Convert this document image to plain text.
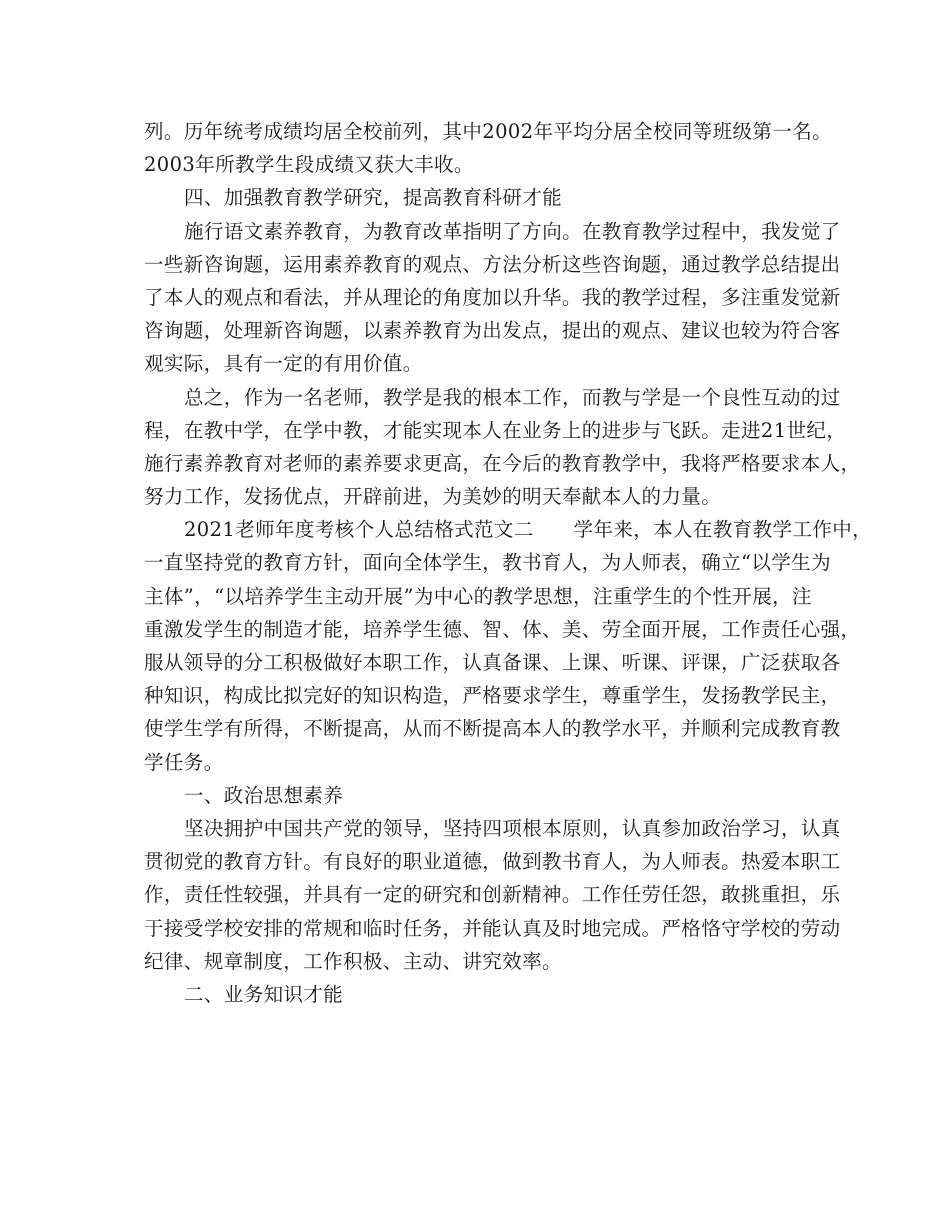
列。历年统考成绩均居全校前列，其中2002年平均分居全校同等班级第一名。
2003年所教学生段成绩又获大丰收。
四、加强教育教学研究，提高教育科研才能
施行语文素养教育，为教育改革指明了方向。在教育教学过程中，我发觉了
一些新咨询题，运用素养教育的观点、方法分析这些咨询题，通过教学总结提出
了本人的观点和看法，并从理论的角度加以升华。我的教学过程，多注重发觉新
咨询题，处理新咨询题，以素养教育为出发点，提出的观点、建议也较为符合客
观实际，具有一定的有用价值。
总之，作为一名老师，教学是我的根本工作，而教与学是一个良性互动的过
程，在教中学，在学中教，才能实现本人在业务上的进步与飞跃。走进21世纪，
施行素养教育对老师的素养要求更高，在今后的教育教学中，我将严格要求本人，
努力工作，发扬优点，开辟前进，为美妙的明天奉献本人的力量。
2021老师年度考核个人总结格式范文二　　学年来，本人在教育教学工作中，
一直坚持党的教育方针，面向全体学生，教书育人，为人师表，确立“以学生为
主体”，“以培养学生主动开展”为中心的教学思想，注重学生的个性开展，注
重激发学生的制造才能，培养学生德、智、体、美、劳全面开展，工作责任心强，
服从领导的分工积极做好本职工作，认真备课、上课、听课、评课，广泛获取各
种知识，构成比拟完好的知识构造，严格要求学生，尊重学生，发扬教学民主，
使学生学有所得，不断提高，从而不断提高本人的教学水平，并顺利完成教育教
学任务。
一、政治思想素养
坚决拥护中国共产党的领导，坚持四项根本原则，认真参加政治学习，认真
贯彻党的教育方针。有良好的职业道德，做到教书育人，为人师表。热爱本职工
作，责任性较强，并具有一定的研究和创新精神。工作任劳任怨，敢挑重担，乐
于接受学校安排的常规和临时任务，并能认真及时地完成。严格恪守学校的劳动
纪律、规章制度，工作积极、主动、讲究效率。
二、业务知识才能
